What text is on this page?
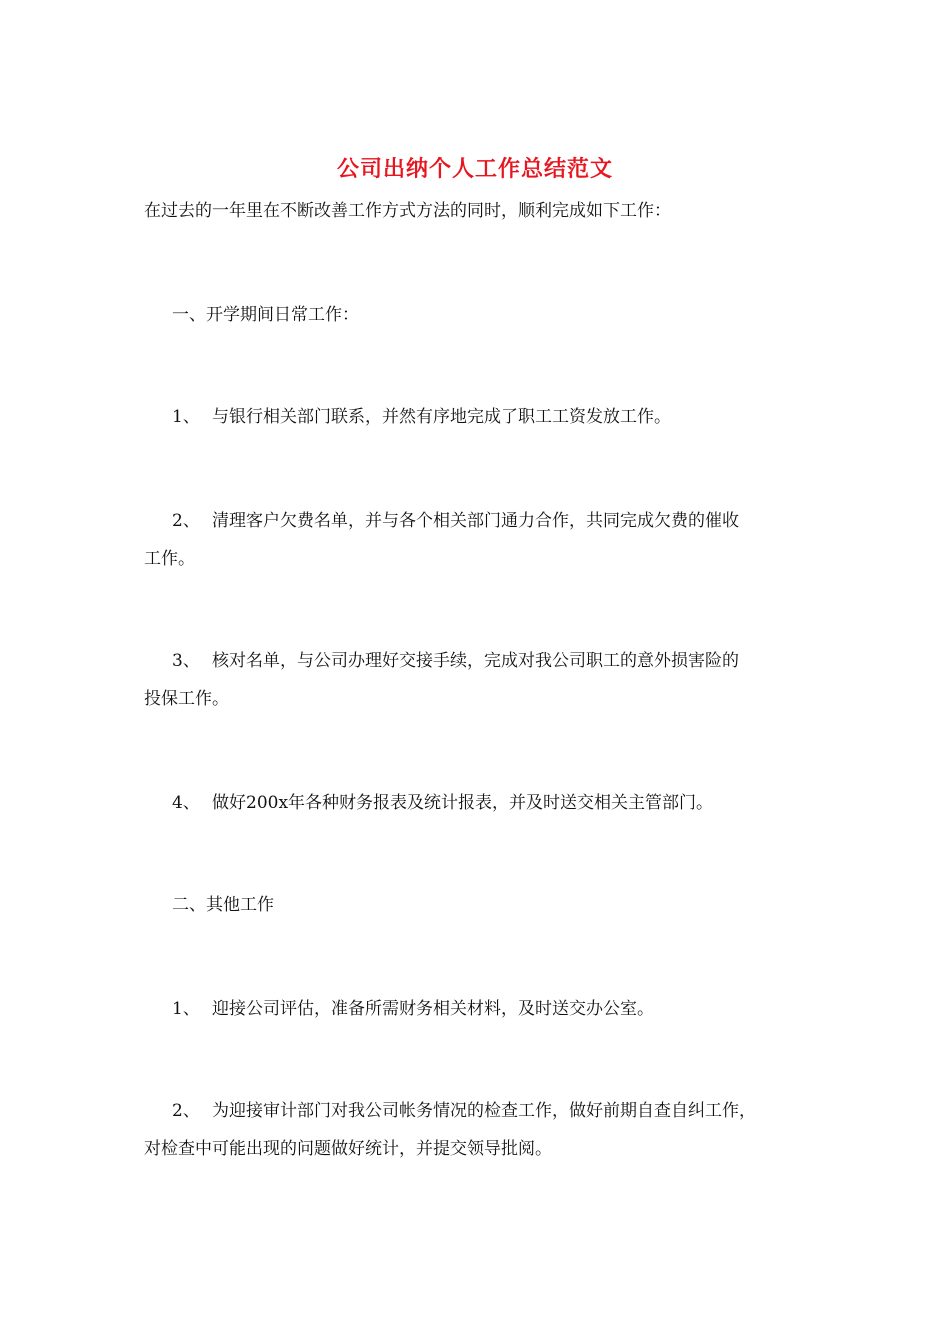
公司出纳个人工作总结范文
在过去的一年里在不断改善工作方式方法的同时，顺利完成如下工作：
一、开学期间日常工作：
1、 与银行相关部门联系，并然有序地完成了职工工资发放工作。
2、 清理客户欠费名单，并与各个相关部门通力合作，共同完成欠费的催收
工作。
3、 核对名单，与公司办理好交接手续，完成对我公司职工的意外损害险的
投保工作。
4、 做好200x年各种财务报表及统计报表，并及时送交相关主管部门。
二、其他工作
1、 迎接公司评估，准备所需财务相关材料，及时送交办公室。
2、 为迎接审计部门对我公司帐务情况的检查工作，做好前期自查自纠工作，
对检查中可能出现的问题做好统计，并提交领导批阅。
